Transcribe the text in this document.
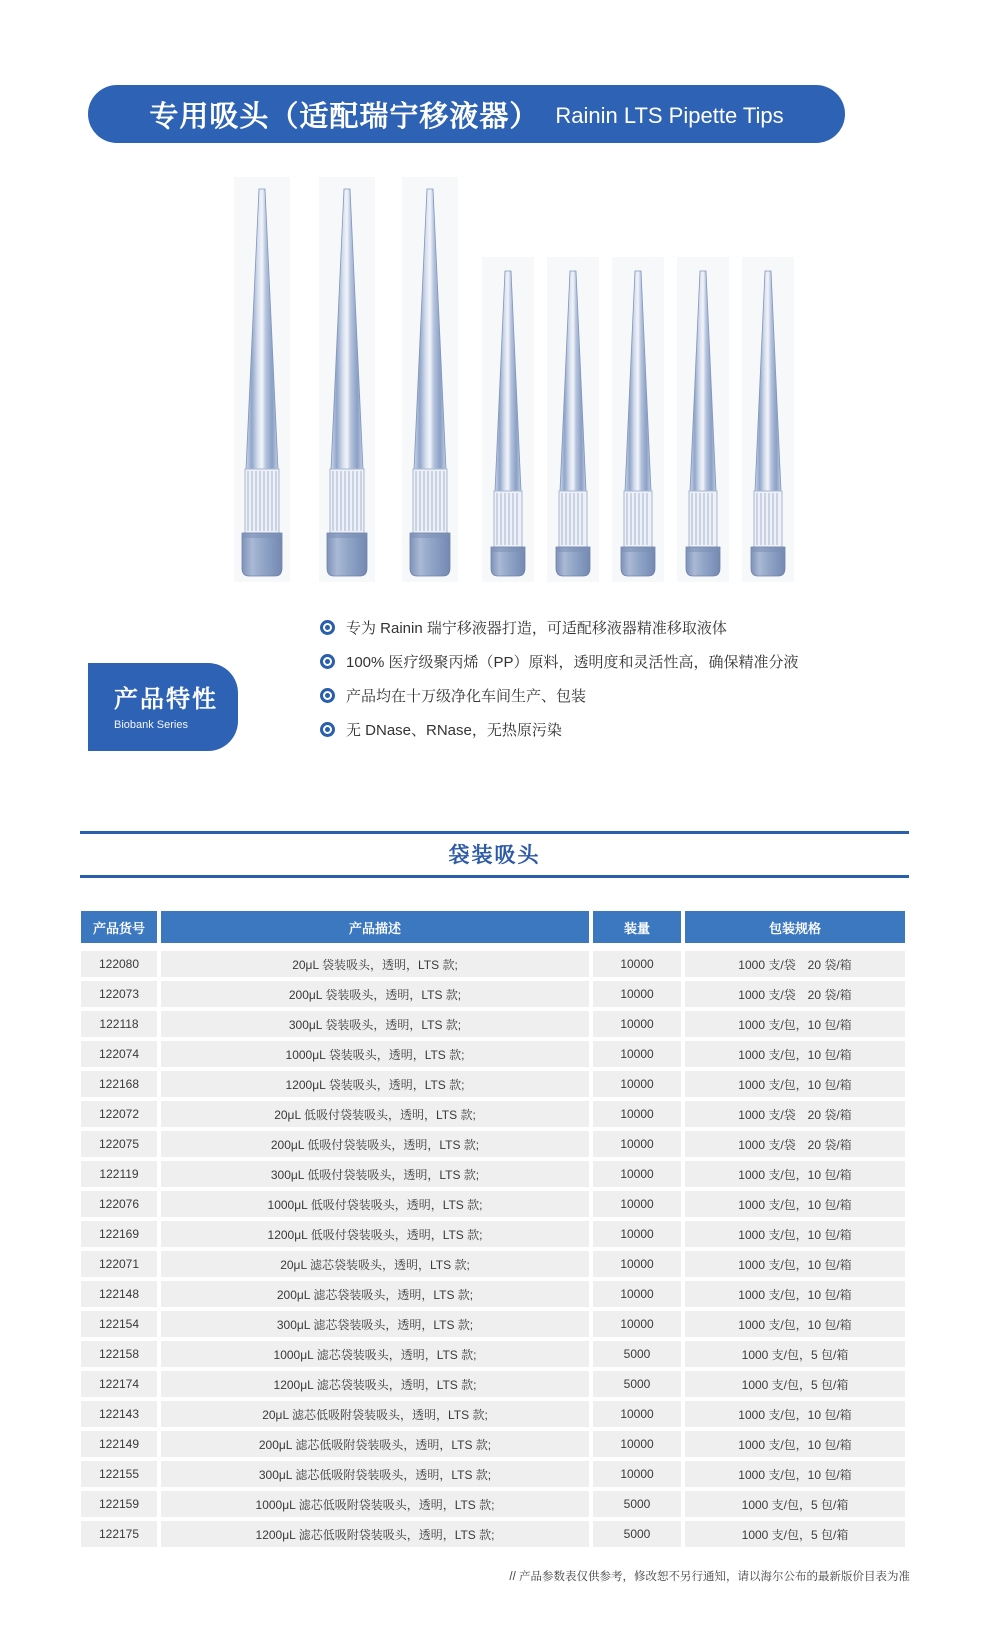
专用吸头（适配瑞宁移液器） Rainin LTS Pipette Tips
产品特性
Biobank Series
专为 Rainin 瑞宁移液器打造，可适配移液器精准移取液体
100% 医疗级聚丙烯（PP）原料，透明度和灵活性高，确保精准分液
产品均在十万级净化车间生产、包装
无 DNase、RNase，无热原污染
袋装吸头
产品货号	产品描述	装量	包装规格
122080	20μL 袋装吸头，透明，LTS 款;	10000	1000 支/袋　20 袋/箱
122073	200μL 袋装吸头，透明，LTS 款;	10000	1000 支/袋　20 袋/箱
122118	300μL 袋装吸头，透明，LTS 款;	10000	1000 支/包，10 包/箱
122074	1000μL 袋装吸头，透明，LTS 款;	10000	1000 支/包，10 包/箱
122168	1200μL 袋装吸头，透明，LTS 款;	10000	1000 支/包，10 包/箱
122072	20μL 低吸付袋装吸头，透明，LTS 款;	10000	1000 支/袋　20 袋/箱
122075	200μL 低吸付袋装吸头，透明，LTS 款;	10000	1000 支/袋　20 袋/箱
122119	300μL 低吸付袋装吸头，透明，LTS 款;	10000	1000 支/包，10 包/箱
122076	1000μL 低吸付袋装吸头，透明，LTS 款;	10000	1000 支/包，10 包/箱
122169	1200μL 低吸付袋装吸头，透明，LTS 款;	10000	1000 支/包，10 包/箱
122071	20μL 滤芯袋装吸头，透明，LTS 款;	10000	1000 支/包，10 包/箱
122148	200μL 滤芯袋装吸头，透明，LTS 款;	10000	1000 支/包，10 包/箱
122154	300μL 滤芯袋装吸头，透明，LTS 款;	10000	1000 支/包，10 包/箱
122158	1000μL 滤芯袋装吸头，透明，LTS 款;	5000	1000 支/包，5 包/箱
122174	1200μL 滤芯袋装吸头，透明，LTS 款;	5000	1000 支/包，5 包/箱
122143	20μL 滤芯低吸附袋装吸头，透明，LTS 款;	10000	1000 支/包，10 包/箱
122149	200μL 滤芯低吸附袋装吸头，透明，LTS 款;	10000	1000 支/包，10 包/箱
122155	300μL 滤芯低吸附袋装吸头，透明，LTS 款;	10000	1000 支/包，10 包/箱
122159	1000μL 滤芯低吸附袋装吸头，透明，LTS 款;	5000	1000 支/包，5 包/箱
122175	1200μL 滤芯低吸附袋装吸头，透明，LTS 款;	5000	1000 支/包，5 包/箱
// 产品参数表仅供参考，修改恕不另行通知，请以海尔公布的最新版价目表为准
